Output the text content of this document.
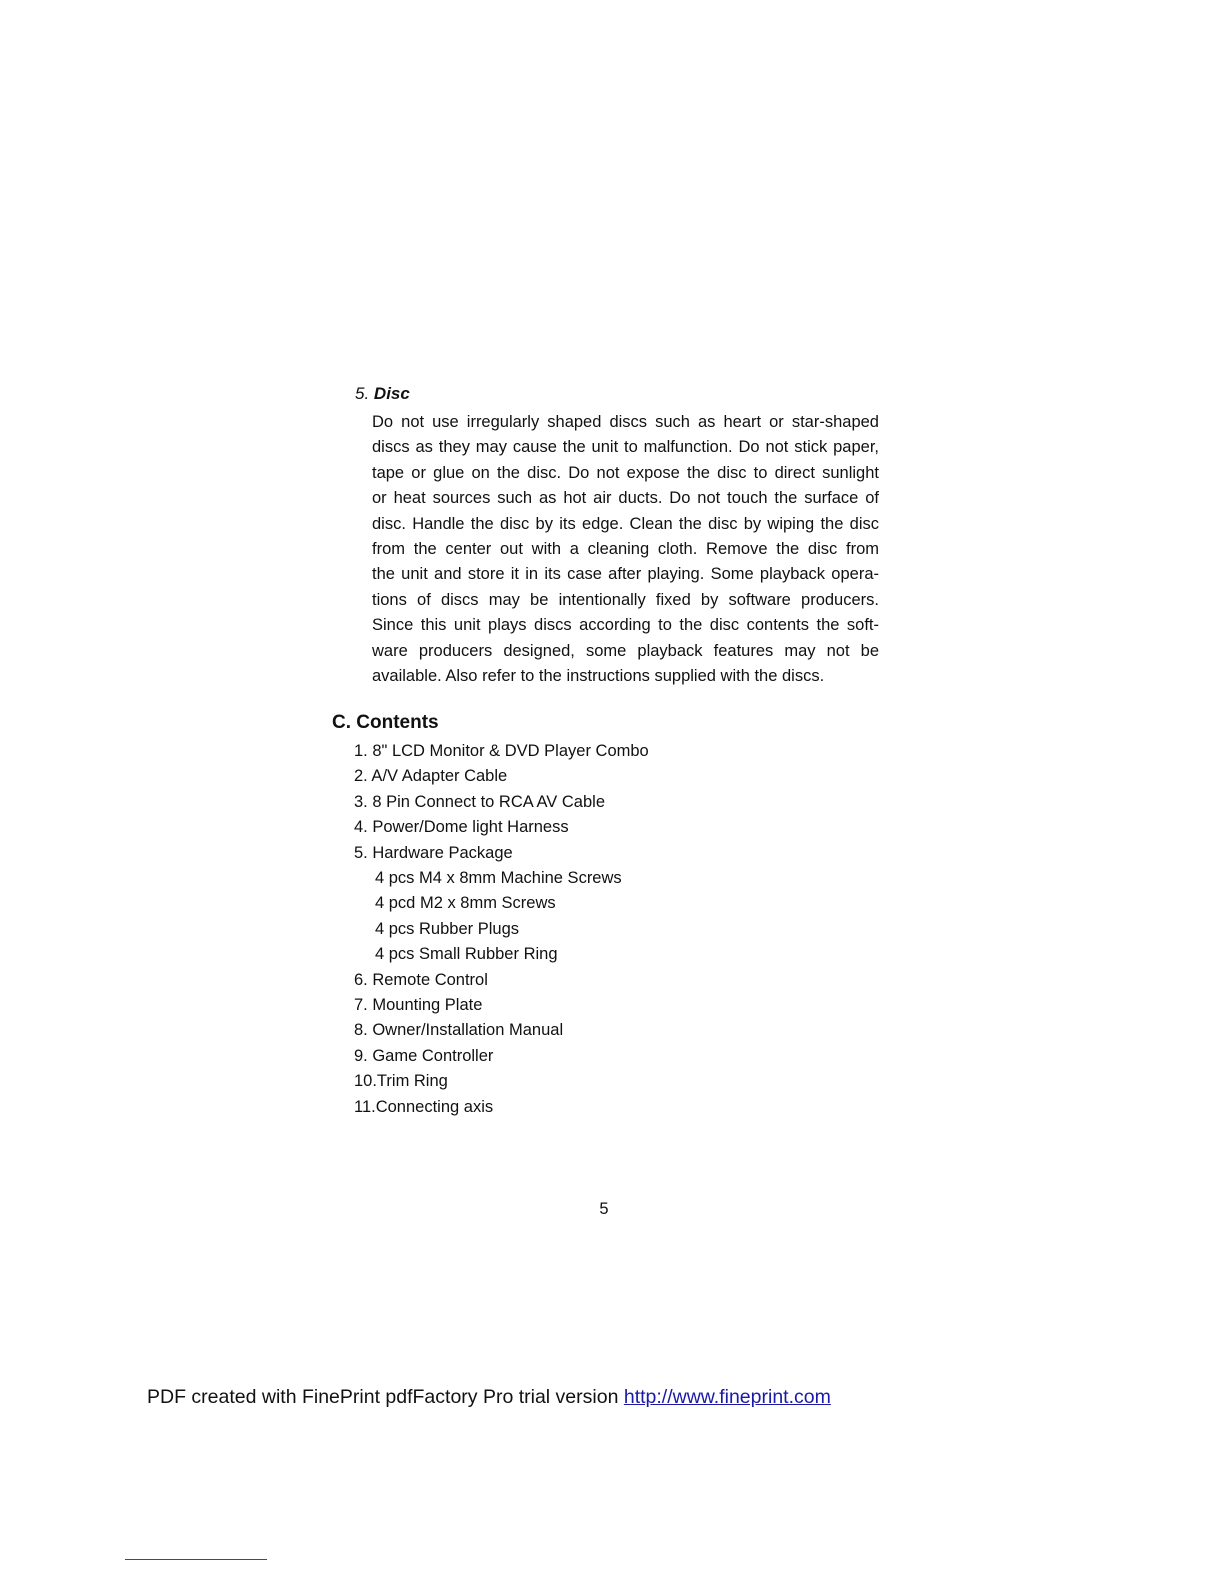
5. Disc

Do not use irregularly shaped discs such as heart or star-shaped
discs as they may cause the unit to malfunction. Do not stick paper,
tape or glue on the disc. Do not expose the disc to direct sunlight
or heat sources such as hot air ducts. Do not touch the surface of
disc. Handle the disc by its edge. Clean the disc by wiping the disc
from the center out with a cleaning cloth. Remove the disc from
the unit and store it in its case after playing. Some playback opera-
tions of discs may be intentionally fixed by software producers.
Since this unit plays discs according to the disc contents the soft-
ware producers designed, some playback features may not be
available. Also refer to the instructions supplied with the discs.
C. Contents
1. 8" LCD Monitor & DVD Player Combo
2. A/V Adapter Cable
3. 8 Pin Connect to RCA AV Cable
4. Power/Dome light Harness
5. Hardware Package
4 pcs M4 x 8mm Machine Screws
4 pcd M2 x 8mm Screws
4 pcs Rubber Plugs
4 pcs Small Rubber Ring
6. Remote Control
7. Mounting Plate
8. Owner/Installation Manual
9. Game Controller
10.Trim Ring
11.Connecting axis
5
PDF created with FinePrint pdfFactory Pro trial version http://www.fineprint.com
